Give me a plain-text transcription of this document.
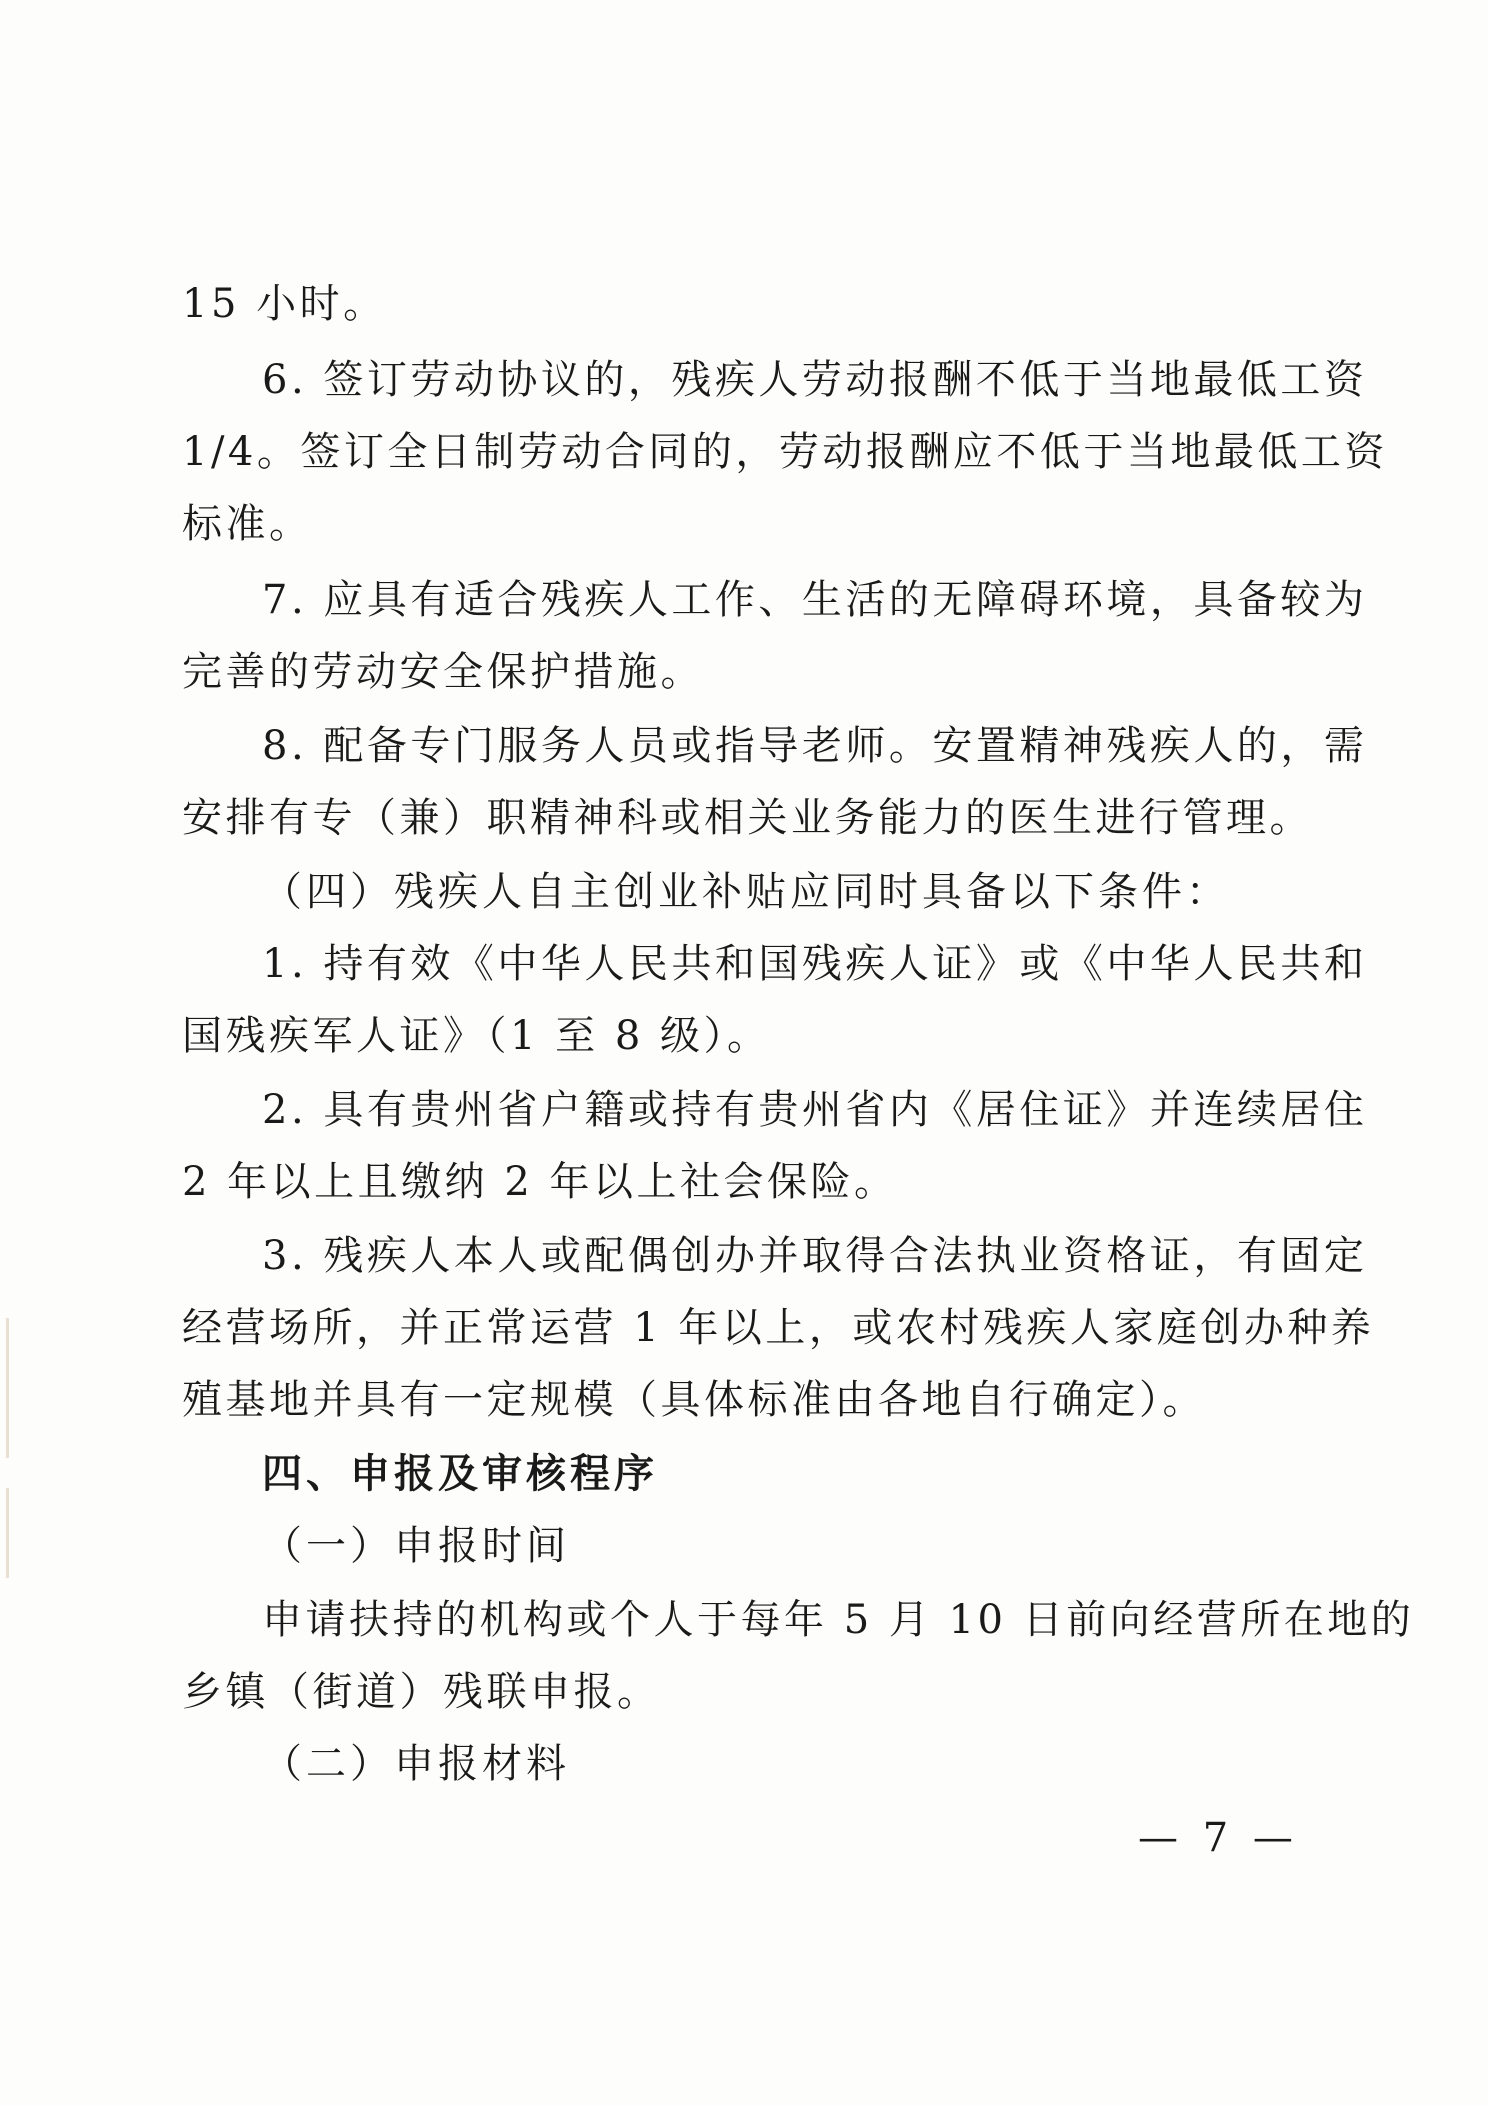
15 小时。
6. 签订劳动协议的，残疾人劳动报酬不低于当地最低工资
1/4。签订全日制劳动合同的，劳动报酬应不低于当地最低工资
标准。
7. 应具有适合残疾人工作、生活的无障碍环境，具备较为
完善的劳动安全保护措施。
8. 配备专门服务人员或指导老师。安置精神残疾人的，需
安排有专（兼）职精神科或相关业务能力的医生进行管理。
（四）残疾人自主创业补贴应同时具备以下条件：
1. 持有效《中华人民共和国残疾人证》或《中华人民共和
国残疾军人证》（1 至 8 级）。
2. 具有贵州省户籍或持有贵州省内《居住证》并连续居住
2 年以上且缴纳 2 年以上社会保险。
3. 残疾人本人或配偶创办并取得合法执业资格证，有固定
经营场所，并正常运营 1 年以上，或农村残疾人家庭创办种养
殖基地并具有一定规模（具体标准由各地自行确定）。
四、申报及审核程序
（一）申报时间
申请扶持的机构或个人于每年 5 月 10 日前向经营所在地的
乡镇（街道）残联申报。
（二）申报材料
— 7 —
